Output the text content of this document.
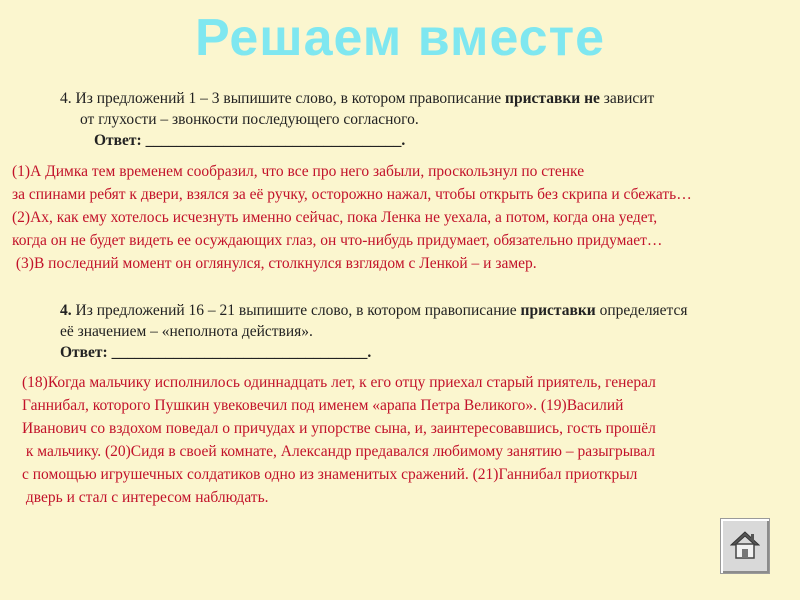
Решаем вместе
4. Из предложений 1 – 3 выпишите слово, в котором правописание приставки не зависит
от глухости – звонкости последующего согласного.
Ответ: _________________________________.
(1)А Димка тем временем сообразил, что все про него забыли, проскользнул по стенке
за спинами ребят к двери, взялся за её ручку, осторожно нажал, чтобы открыть без скрипа и сбежать…
(2)Ах, как ему хотелось исчезнуть именно сейчас, пока Ленка не уехала, а потом, когда она уедет,
когда он не будет видеть ее осуждающих глаз, он что-нибудь придумает, обязательно придумает…
(3)В последний момент он оглянулся, столкнулся взглядом с Ленкой – и замер.
4. Из предложений 16 – 21 выпишите слово, в котором правописание приставки определяется
её значением – «неполнота действия».
Ответ: _________________________________.
(18)Когда мальчику исполнилось одиннадцать лет, к его отцу приехал старый приятель, генерал
Ганнибал, которого Пушкин увековечил под именем «арапа Петра Великого». (19)Василий
Иванович со вздохом поведал о причудах и упорстве сына, и, заинтересовавшись, гость прошёл
к мальчику. (20)Сидя в своей комнате, Александр предавался любимому занятию – разыгрывал
с помощью игрушечных солдатиков одно из знаменитых сражений. (21)Ганнибал приоткрыл
дверь и стал с интересом наблюдать.
